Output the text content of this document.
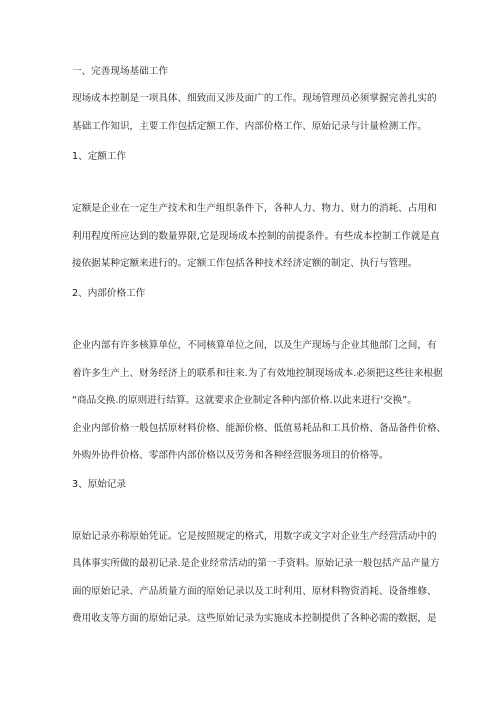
一、完善现场基础工作
现场成本控制是一项具体、细致而又涉及面广的工作。现场管理员必须掌握完善扎实的
基础工作知识，主要工作包括定额工作、内部价格工作、原始记录与计量检测工作。
1、定额工作
定额是企业在一定生产技术和生产组织条件下，各种人力、物力、财力的消耗、占用和
利用程度所应达到的数量界限,它是现场成本控制的前提条件。有些成本控制工作就是直
接依据某种定额来进行的。定额工作包括各种技术经济定额的制定、执行与管理。
2、内部价格工作
企业内部有许多核算单位，不同核算单位之间，以及生产现场与企业其他部门之间，有
着许多生产上、财务经济上的联系和往来.为了有效地控制现场成本.必须把这些往来根据
“商品交换.的原则进行结算。这就要求企业制定各种内部价格.以此来进行'交换”。
企业内部价格一般包括原材料价格、能源价格、低值易耗品和工具价格、备品备件价格、
外购外协件价格、零部件内部价格以及劳务和各种经营服务项目的价格等。
3、原始记录
原始记录亦称原始凭证。它是按照规定的格式，用数字或文字对企业生产经营活动中的
具体事实所做的最初记录.是企业经常活动的第一手资料。原始记录一般包括产品产量方
面的原始记录、产品质量方面的原始记录以及工时利用、原材料物资消耗、设备维修、
费用收支等方面的原始记录。这些原始记录为实施成本控制提供了各种必需的数据，是
